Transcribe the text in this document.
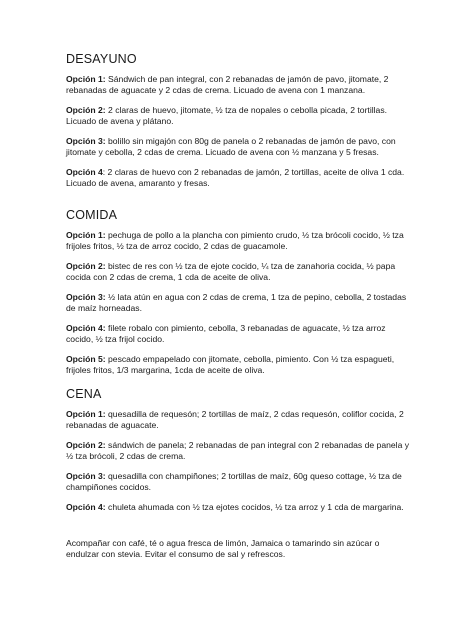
DESAYUNO

Opción 1: Sándwich de pan integral, con 2 rebanadas de jamón de pavo, jitomate, 2 rebanadas de aguacate y 2 cdas de crema. Licuado de avena con 1 manzana.

Opción 2: 2 claras de huevo, jitomate, ½ tza de nopales o cebolla picada, 2 tortillas. Licuado de avena y plátano.

Opción 3: bolillo sin migajón con 80g de panela o 2 rebanadas de jamón de pavo, con jitomate y cebolla, 2 cdas de crema. Licuado de avena con ½ manzana y 5 fresas.

Opción 4: 2 claras de huevo con 2 rebanadas de jamón, 2 tortillas, aceite de oliva 1 cda. Licuado de avena, amaranto y fresas.

COMIDA

Opción 1: pechuga de pollo a la plancha con pimiento crudo, ½ tza brócoli cocido, ½ tza frijoles fritos, ½ tza de arroz cocido, 2 cdas de guacamole.

Opción 2: bistec de res con ½ tza de ejote cocido, ¼ tza de zanahoria cocida, ½ papa cocida con 2 cdas de crema, 1 cda de aceite de oliva.

Opción 3: ½ lata atún en agua con 2 cdas de crema, 1 tza de pepino, cebolla, 2 tostadas de maíz horneadas.

Opción 4: filete robalo con pimiento, cebolla, 3 rebanadas de aguacate, ½ tza arroz cocido, ½ tza frijol cocido.

Opción 5: pescado empapelado con jitomate, cebolla, pimiento. Con ½ tza espagueti, frijoles fritos, 1/3 margarina, 1cda de aceite de oliva.

CENA

Opción 1: quesadilla de requesón; 2 tortillas de maíz, 2 cdas requesón, coliflor cocida, 2 rebanadas de aguacate.

Opción 2: sándwich de panela; 2 rebanadas de pan integral con 2 rebanadas de panela y ½ tza brócoli, 2 cdas de crema.

Opción 3: quesadilla con champiñones; 2 tortillas de maíz, 60g queso cottage, ½ tza de champiñones cocidos.

Opción 4: chuleta ahumada con ½ tza ejotes cocidos, ½ tza arroz y 1 cda de margarina.

Acompañar con café, té o agua fresca de limón, Jamaica o tamarindo sin azúcar o endulzar con stevia. Evitar el consumo de sal y refrescos.
